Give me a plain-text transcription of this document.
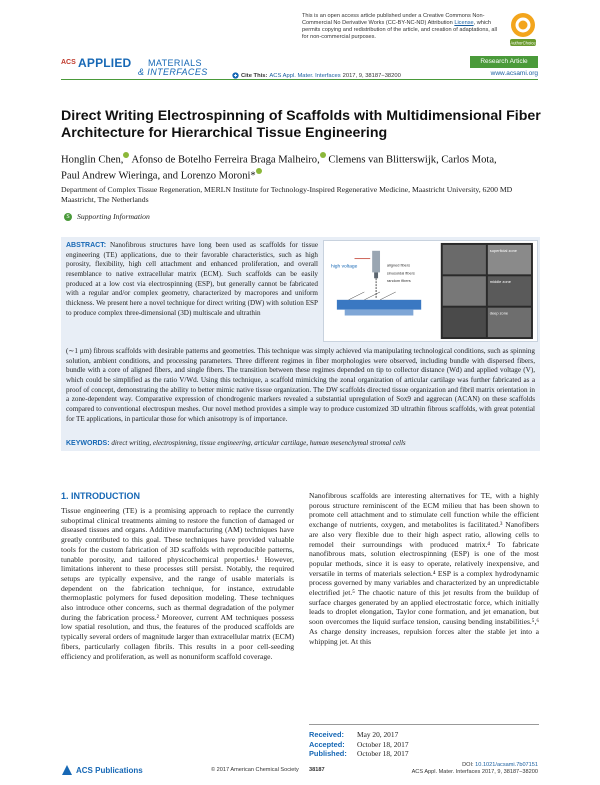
This is an open access article published under a Creative Commons Non-Commercial No Derivative Works (CC-BY-NC-ND) Attribution License, which permits copying and redistribution of the article, and creation of adaptations, all for non-commercial purposes.
AuthorChoice
ACS APPLIED MATERIALS
& INTERFACES	Cite This: ACS Appl. Mater. Interfaces 2017, 9, 38187−38200
Research Article
www.acsami.org
Direct Writing Electrospinning of Scaffolds with Multidimensional Fiber Architecture for Hierarchical Tissue Engineering
Honglin Chen, Afonso de Botelho Ferreira Braga Malheiro, Clemens van Blitterswijk, Carlos Mota,
Paul Andrew Wieringa, and Lorenzo Moroni*
Department of Complex Tissue Regeneration, MERLN Institute for Technology-Inspired Regenerative Medicine, Maastricht University, 6200 MD Maastricht, The Netherlands
S Supporting Information

ABSTRACT: Nanofibrous structures have long been used as scaffolds for tissue engineering (TE) applications, due to their favorable characteristics, such as high porosity, flexibility, high cell attachment and enhanced proliferation, and overall resemblance to native extracellular matrix (ECM). Such scaffolds can be easily produced at a low cost via electrospinning (ESP), but generally cannot be fabricated with a regular and/or complex geometry, characterized by macropores and uniform thickness. We present here a novel technique for direct writing (DW) with solution ESP to produce complex three-dimensional (3D) multiscale and ultrathin

(∼1 μm) fibrous scaffolds with desirable patterns and geometries. This technique was simply achieved via manipulating technological conditions, such as spinning solution, ambient conditions, and processing parameters. Three different regimes in fiber morphologies were observed, including bundle with dispersed fibers, bundle with a core of aligned fibers, and single fibers. The transition between these regimes depended on tip to collector distance (Wd) and applied voltage (V), which could be simplified as the ratio V/Wd. Using this technique, a scaffold mimicking the zonal organization of articular cartilage was further fabricated as a proof of concept, demonstrating the ability to better mimic native tissue organization. The DW scaffolds directed tissue organization and fibril matrix orientation in a zone-dependent way. Comparative expression of chondrogenic markers revealed a substantial upregulation of Sox9 and aggrecan (ACAN) on these scaffolds compared to conventional electrospun meshes. Our novel method provides a simple way to produce customized 3D ultrathin fibrous scaffolds, with great potential for TE applications, in particular those for which anisotropy is of importance.

high voltage	aligned fibers
sinusoidal fibers
random fibers
superficial zone
middle zone
deep zone
KEYWORDS: direct writing, electrospinning, tissue engineering, articular cartilage, human mesenchymal stromal cells
1. INTRODUCTION

Tissue engineering (TE) is a promising approach to replace the currently suboptimal clinical treatments aiming to restore the function of damaged or diseased tissues and organs. Additive manufacturing (AM) techniques have greatly contributed to this goal. These techniques have provided valuable tools for the custom fabrication of 3D scaffolds with reproducible patterns, tunable porosity, and tailored physicochemical properties.¹ However, limitations inherent to these processes still persist. Notably, the required setups are typically expensive, and the range of usable materials is dependent on the fabrication technique, for instance, extrudable thermoplastic polymers for fused deposition modeling. These techniques also introduce other concerns, such as thermal degradation of the polymer during the fabrication process.² Moreover, current AM techniques possess low spatial resolution, and thus, the features of the produced scaffolds are typically several orders of magnitude larger than extracellular matrix (ECM) fibers, particularly collagen fibrils. This results in a poor cell-seeding efficiency and proliferation, as well as nonuniform scaffold coverage.

Nanofibrous scaffolds are interesting alternatives for TE, with a highly porous structure reminiscent of the ECM milieu that has been shown to promote cell attachment and to stimulate cell function while the efficient exchange of nutrients, oxygen, and metabolites is facilitated.³ Nanofibers are also very flexible due to their high aspect ratio, allowing cells to remodel their surroundings with produced matrix.⁴ To fabricate nanofibrous mats, solution electrospinning (ESP) is one of the most popular methods, since it is easy to operate, relatively inexpensive, and versatile in terms of materials selection.⁴ ESP is a complex hydrodynamic process governed by many variables and characterized by an unpredictable electrified jet.⁵ The chaotic nature of this jet results from the buildup of surface charges generated by an applied electrostatic force, which initially leads to droplet elongation, Taylor cone formation, and jet emanation, but soon overcomes the liquid surface tension, causing bending instabilities.⁵,⁶ As charge density increases, repulsion forces alter the stable jet into a whipping jet. At this

Received: May 20, 2017
Accepted: October 18, 2017
Published: October 18, 2017
ACS Publications	© 2017 American Chemical Society 38187
DOI: 10.1021/acsami.7b07151
ACS Appl. Mater. Interfaces 2017, 9, 38187−38200
